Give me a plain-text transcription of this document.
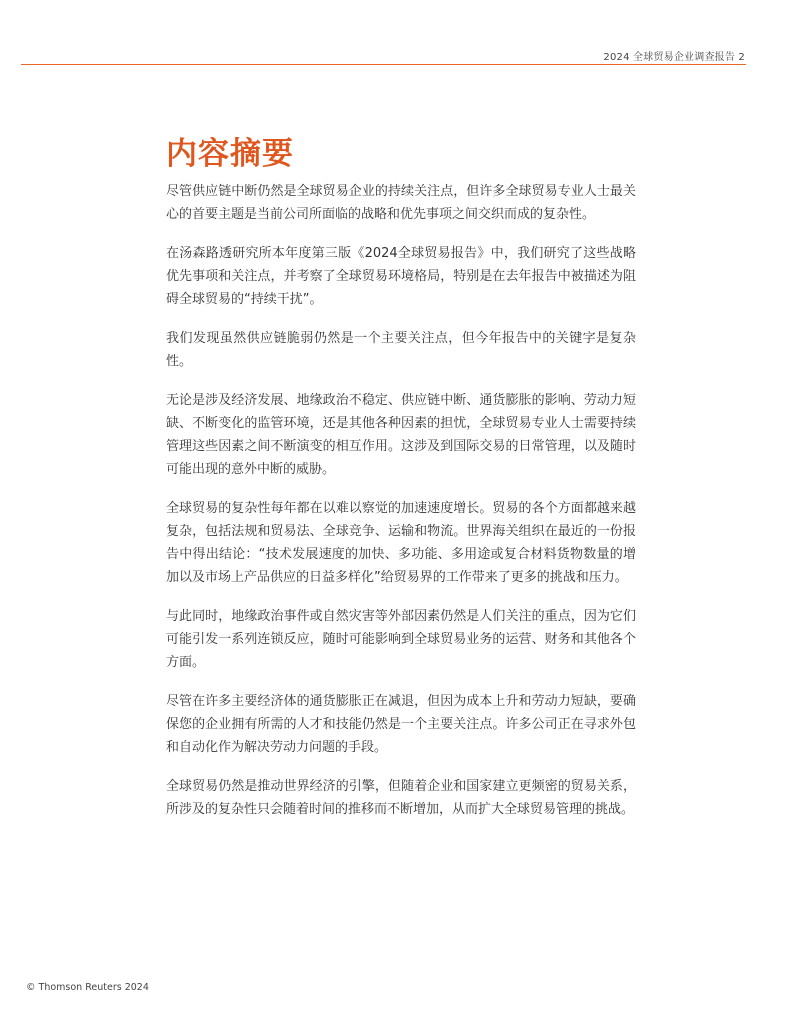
2024 全球贸易企业调查报告 2
内容摘要

尽管供应链中断仍然是全球贸易企业的持续关注点，但许多全球贸易专业人士最关心的首要主题是当前公司所面临的战略和优先事项之间交织而成的复杂性。

在汤森路透研究所本年度第三版《2024全球贸易报告》中，我们研究了这些战略优先事项和关注点，并考察了全球贸易环境格局，特别是在去年报告中被描述为阻碍全球贸易的“持续干扰”。

我们发现虽然供应链脆弱仍然是一个主要关注点，但今年报告中的关键字是复杂性。

无论是涉及经济发展、地缘政治不稳定、供应链中断、通货膨胀的影响、劳动力短缺、不断变化的监管环境，还是其他各种因素的担忧，全球贸易专业人士需要持续管理这些因素之间不断演变的相互作用。这涉及到国际交易的日常管理，以及随时可能出现的意外中断的威胁。

全球贸易的复杂性每年都在以难以察觉的加速速度增长。贸易的各个方面都越来越复杂，包括法规和贸易法、全球竞争、运输和物流。世界海关组织在最近的一份报告中得出结论：“技术发展速度的加快、多功能、多用途或复合材料货物数量的增加以及市场上产品供应的日益多样化”给贸易界的工作带来了更多的挑战和压力。

与此同时，地缘政治事件或自然灾害等外部因素仍然是人们关注的重点，因为它们可能引发一系列连锁反应，随时可能影响到全球贸易业务的运营、财务和其他各个方面。

尽管在许多主要经济体的通货膨胀正在减退，但因为成本上升和劳动力短缺，要确保您的企业拥有所需的人才和技能仍然是一个主要关注点。许多公司正在寻求外包和自动化作为解决劳动力问题的手段。

全球贸易仍然是推动世界经济的引擎，但随着企业和国家建立更频密的贸易关系，所涉及的复杂性只会随着时间的推移而不断增加，从而扩大全球贸易管理的挑战。

© Thomson Reuters 2024
